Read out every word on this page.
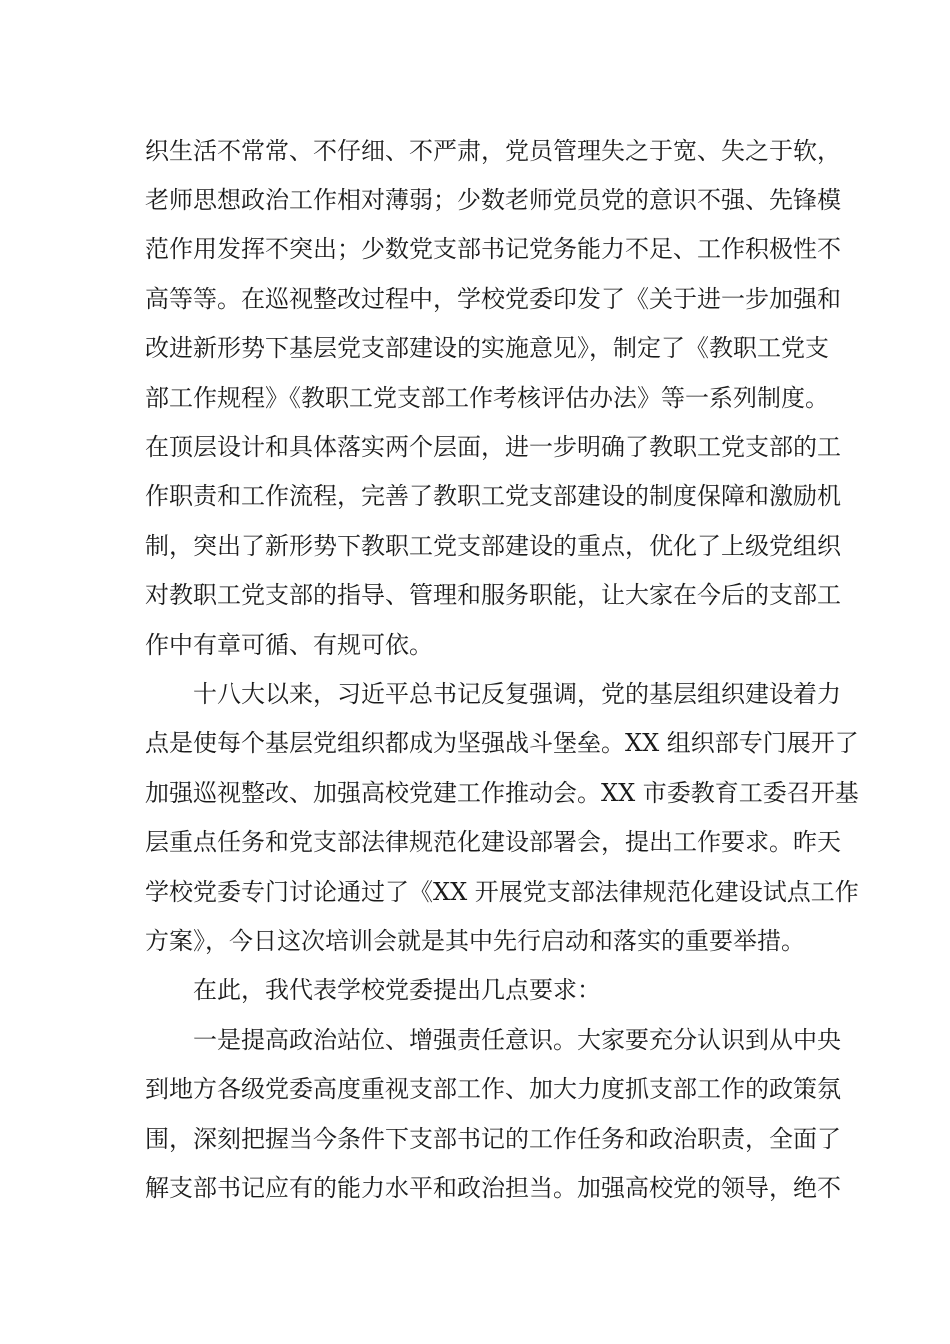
织生活不常常、不仔细、不严肃，党员管理失之于宽、失之于软，
老师思想政治工作相对薄弱；少数老师党员党的意识不强、先锋模
范作用发挥不突出；少数党支部书记党务能力不足、工作积极性不
高等等。在巡视整改过程中，学校党委印发了《关于进一步加强和
改进新形势下基层党支部建设的实施意见》，制定了《教职工党支
部工作规程》《教职工党支部工作考核评估办法》等一系列制度。
在顶层设计和具体落实两个层面，进一步明确了教职工党支部的工
作职责和工作流程，完善了教职工党支部建设的制度保障和激励机
制，突出了新形势下教职工党支部建设的重点，优化了上级党组织
对教职工党支部的指导、管理和服务职能，让大家在今后的支部工
作中有章可循、有规可依。
十八大以来，习近平总书记反复强调，党的基层组织建设着力
点是使每个基层党组织都成为坚强战斗堡垒。XX 组织部专门展开了
加强巡视整改、加强高校党建工作推动会。XX 市委教育工委召开基
层重点任务和党支部法律规范化建设部署会，提出工作要求。昨天
学校党委专门讨论通过了《XX 开展党支部法律规范化建设试点工作
方案》，今日这次培训会就是其中先行启动和落实的重要举措。
在此，我代表学校党委提出几点要求：
一是提高政治站位、增强责任意识。大家要充分认识到从中央
到地方各级党委高度重视支部工作、加大力度抓支部工作的政策氛
围，深刻把握当今条件下支部书记的工作任务和政治职责，全面了
解支部书记应有的能力水平和政治担当。加强高校党的领导，绝不
